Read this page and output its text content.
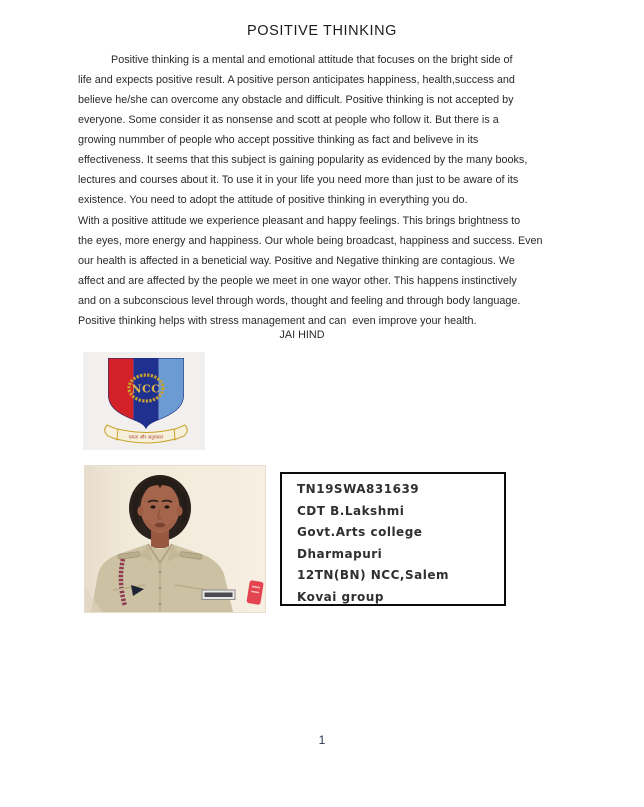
POSITIVE THINKING
Positive thinking is a mental and emotional attitude that focuses on the bright side of
life and expects positive result. A positive person anticipates happiness, health,success and
believe he/she can overcome any obstacle and difficult. Positive thinking is not accepted by
everyone. Some consider it as nonsense and scott at people who follow it. But there is a
growing nummber of people who accept possitive thinking as fact and beliveve in its
effectiveness. It seems that this subject is gaining popularity as evidenced by the many books,
lectures and courses about it. To use it in your life you need more than just to be aware of its
existence. You need to adopt the attitude of positive thinking in everything you do.
With a positive attitude we experience pleasant and happy feelings. This brings brightness to
the eyes, more energy and happiness. Our whole being broadcast, happiness and success. Even
our health is affected in a beneticial way. Positive and Negative thinking are contagious. We
affect and are affected by the people we meet in one wayor other. This happens instinctively
and on a subconscious level through words, thought and feeling and through body language.
Positive thinking helps with stress management and can  even improve your health.
JAI HIND
NCC
एकता और अनुशासन
TN19SWA831639
CDT B.Lakshmi
Govt.Arts college
Dharmapuri
12TN(BN) NCC,Salem
Kovai group
1
